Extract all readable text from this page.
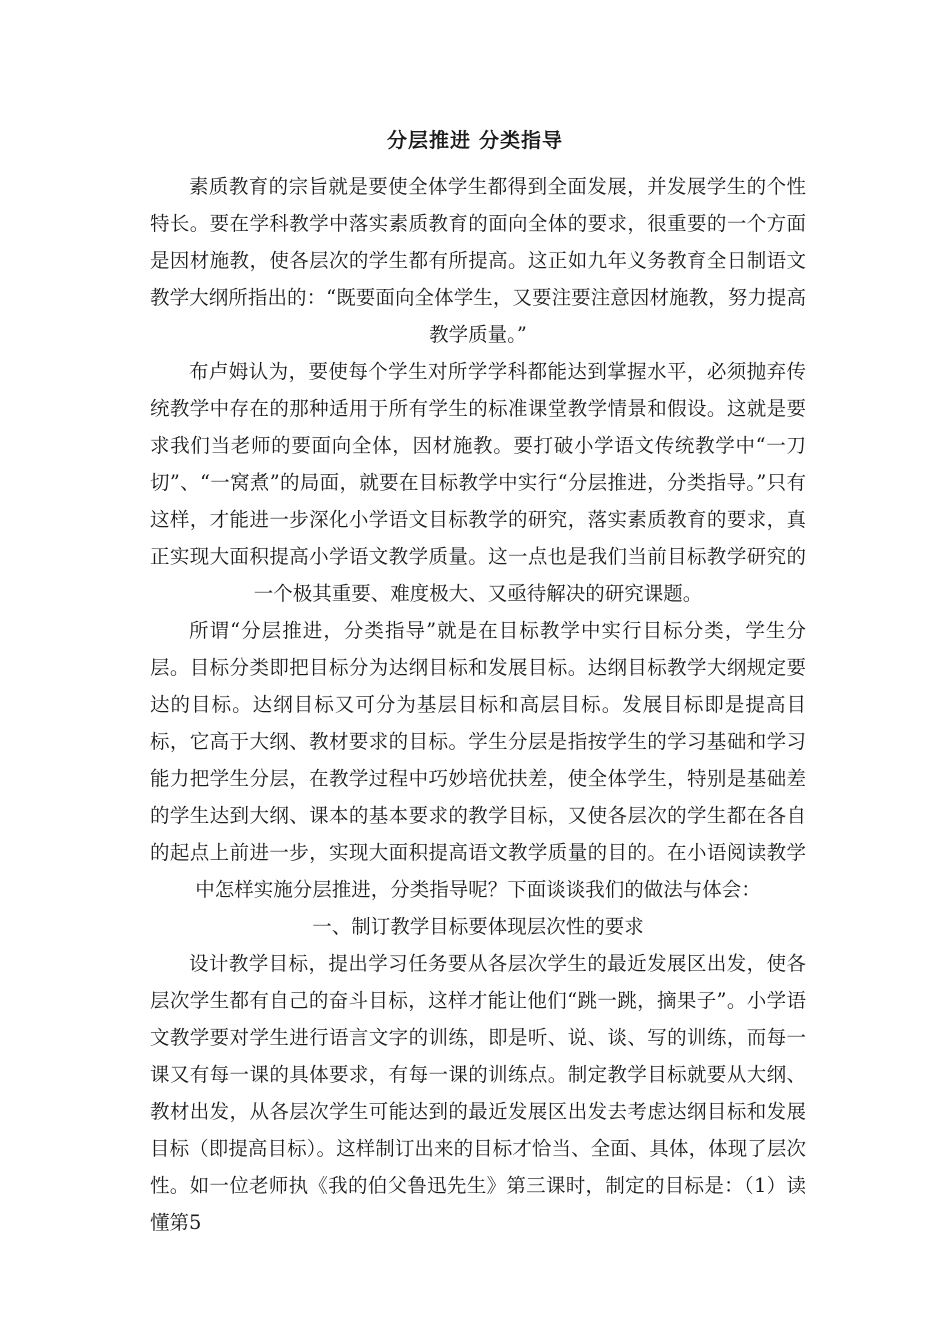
分层推进 分类指导

素质教育的宗旨就是要使全体学生都得到全面发展，并发展学生的个性特长。要在学科教学中落实素质教育的面向全体的要求，很重要的一个方面是因材施教，使各层次的学生都有所提高。这正如九年义务教育全日制语文教学大纲所指出的：“既要面向全体学生，又要注要注意因材施教，努力提高教学质量。”

布卢姆认为，要使每个学生对所学学科都能达到掌握水平，必须抛弃传统教学中存在的那种适用于所有学生的标准课堂教学情景和假设。这就是要求我们当老师的要面向全体，因材施教。要打破小学语文传统教学中“一刀切”、“一窝煮”的局面，就要在目标教学中实行“分层推进，分类指导。”只有这样，才能进一步深化小学语文目标教学的研究，落实素质教育的要求，真正实现大面积提高小学语文教学质量。这一点也是我们当前目标教学研究的一个极其重要、难度极大、又亟待解决的研究课题。

所谓“分层推进，分类指导”就是在目标教学中实行目标分类，学生分层。目标分类即把目标分为达纲目标和发展目标。达纲目标教学大纲规定要达的目标。达纲目标又可分为基层目标和高层目标。发展目标即是提高目标，它高于大纲、教材要求的目标。学生分层是指按学生的学习基础和学习能力把学生分层，在教学过程中巧妙培优扶差，使全体学生，特别是基础差的学生达到大纲、课本的基本要求的教学目标，又使各层次的学生都在各自的起点上前进一步，实现大面积提高语文教学质量的目的。在小语阅读教学中怎样实施分层推进，分类指导呢？下面谈谈我们的做法与体会：

一、制订教学目标要体现层次性的要求

设计教学目标，提出学习任务要从各层次学生的最近发展区出发，使各层次学生都有自己的奋斗目标，这样才能让他们“跳一跳，摘果子”。小学语文教学要对学生进行语言文字的训练，即是听、说、谈、写的训练，而每一课又有每一课的具体要求，有每一课的训练点。制定教学目标就要从大纲、教材出发，从各层次学生可能达到的最近发展区出发去考虑达纲目标和发展目标（即提高目标）。这样制订出来的目标才恰当、全面、具体，体现了层次性。如一位老师执《我的伯父鲁迅先生》第三课时，制定的目标是：（1）读懂第5
